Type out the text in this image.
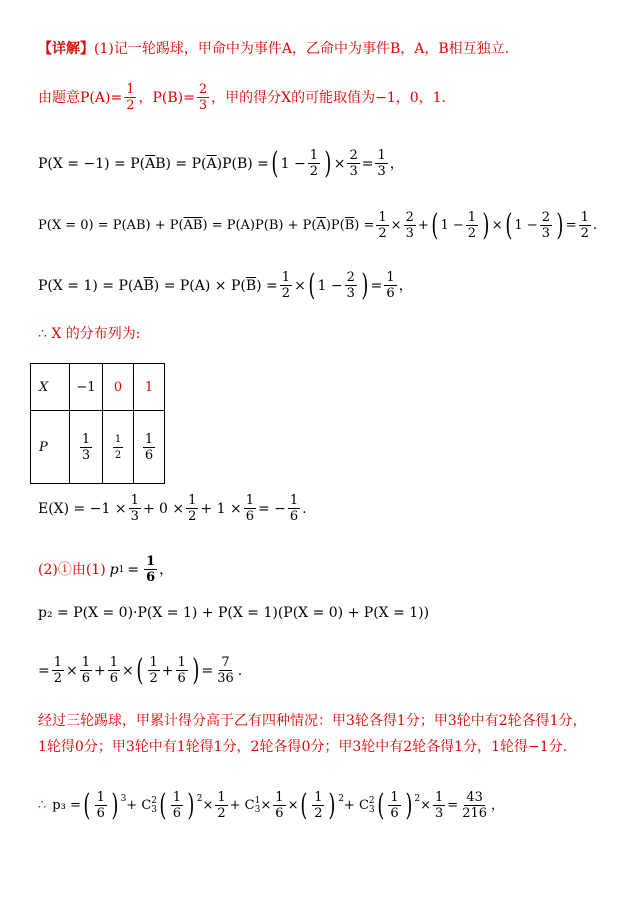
【详解】 (1)记一轮踢球，甲命中为事件A，乙命中为事件B，A，B相互独立.
由题意$P(A)= \frac{1}{2}$ ，$P(B)= \frac{2}{3}$ ，甲的得分X的可能取值为−1，0，1.
P(X = −1) = P( $\overline{A}$ B) = P( $\overline{A}$ )P(B) = ( $1 - \frac{1}{2}$ ) × $\frac{2}{3} = \frac{1}{3}$ ，
P(X = 0) = P(AB) + P( $\overline{AB}$ ) = P(A)P(B) + P( $\overline{A}$ )P( $\overline{B}$ ) = $\frac{1}{2} \times \frac{2}{3}$ + ( $1 - \frac{1}{2}$ ) × ( $1 - \frac{2}{3}$ ) = $\frac{1}{2}$ .
P(X = 1) = P(A $\overline{B}$ ) = P(A) × P( $\overline{B}$ ) = $\frac{1}{2}$ × ( $1 - \frac{2}{3}$ ) = $\frac{1}{6}$ ，
∴ X 的分布列为:
X	−1	0	1
P	$\frac{1}{3}$	$\frac{1}{2}$	$\frac{1}{6}$
$E(X) = -1 \times \frac{1}{3} + 0 \times \frac{1}{2} + 1 \times \frac{1}{6}$ = − $\frac{1}{6}$ .
(2)①由(1) p $1 = \frac{1}{6}$ ，
p₂ = P(X = 0)·P(X = 1) + P(X = 1)(P(X = 0) + P(X = 1))
= $\frac{1}{2} \times \frac{1}{6} + \frac{1}{6}$ × ( $\frac{1}{2} + \frac{1}{6}$ ) = $\frac{7}{36}$ .
经过三轮踢球，甲累计得分高于乙有四种情况：甲3轮各得1分；甲3轮中有2轮各得1分，
1轮得0分；甲3轮中有1轮得1分，2轮各得0分；甲3轮中有2轮各得1分，1轮得−1分.
∴ p₃ = ( $\frac{1}{6}$ ) $^3$ + C 2
3 ( $\frac{1}{6}$ ) $^2 \times \frac{1}{2} + C$ 1
$3 \times \frac{1}{6}$ × ( $\frac{1}{2}$ ) $^2$ + C 2
3 ( $\frac{1}{6}$ ) $^2 \times \frac{1}{3} = \frac{43}{216}$ ，
